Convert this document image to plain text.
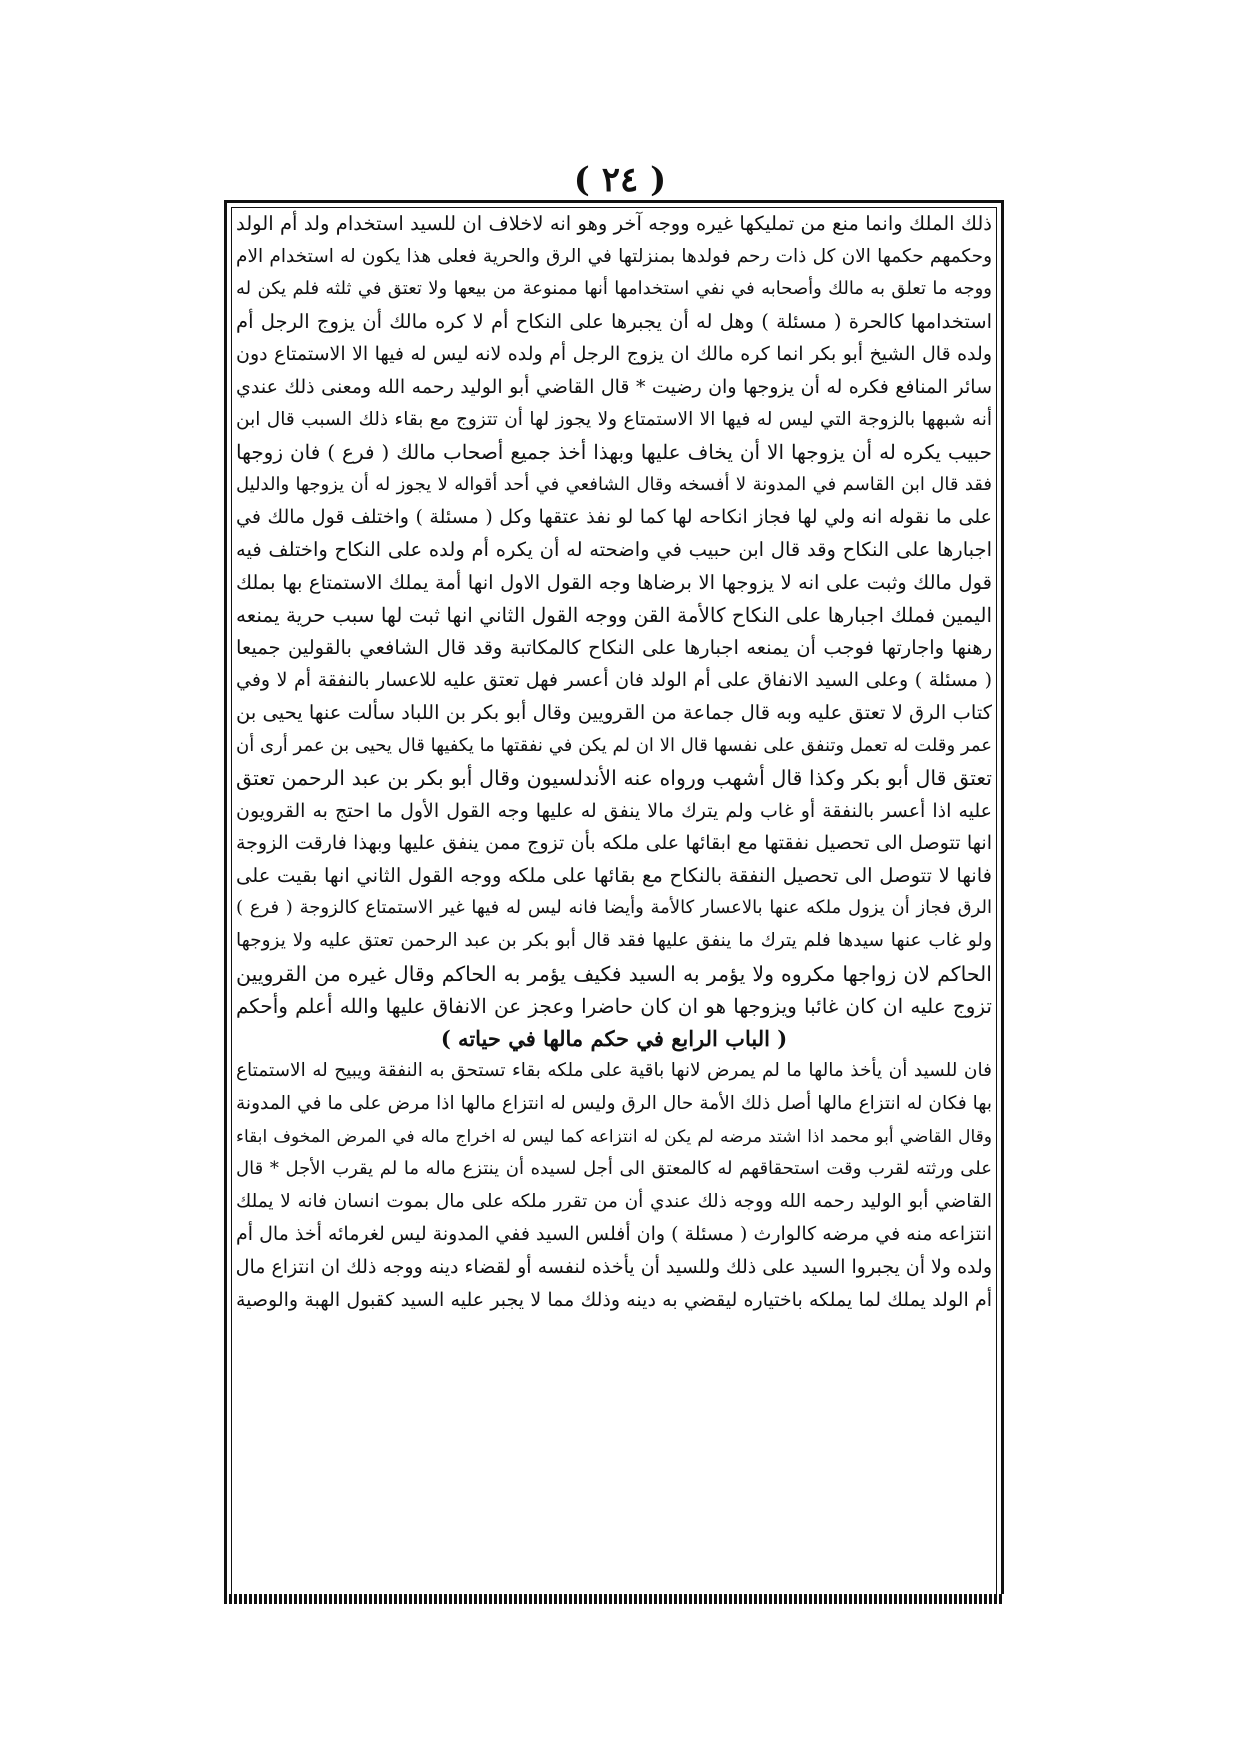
( ٢٤ )
ذلك الملك وانما منع من تمليكها غيره ووجه آخر وهو انه لاخلاف ان للسيد استخدام ولد أم الولد
وحكمهم حكمها الان كل ذات رحم فولدها بمنزلتها في الرق والحرية فعلى هذا يكون له استخدام الام
ووجه ما تعلق به مالك وأصحابه في نفي استخدامها أنها ممنوعة من بيعها ولا تعتق في ثلثه فلم يكن له
استخدامها كالحرة ( مسئلة ) وهل له أن يجبرها على النكاح أم لا كره مالك أن يزوج الرجل أم
ولده قال الشيخ أبو بكر انما كره مالك ان يزوج الرجل أم ولده لانه ليس له فيها الا الاستمتاع دون
سائر المنافع فكره له أن يزوجها وان رضيت * قال القاضي أبو الوليد رحمه الله ومعنى ذلك عندي
أنه شبهها بالزوجة التي ليس له فيها الا الاستمتاع ولا يجوز لها أن تتزوج مع بقاء ذلك السبب قال ابن
حبيب يكره له أن يزوجها الا أن يخاف عليها وبهذا أخذ جميع أصحاب مالك ( فرع ) فان زوجها
فقد قال ابن القاسم في المدونة لا أفسخه وقال الشافعي في أحد أقواله لا يجوز له أن يزوجها والدليل
على ما نقوله انه ولي لها فجاز انكاحه لها كما لو نفذ عتقها وكل ( مسئلة ) واختلف قول مالك في
اجبارها على النكاح وقد قال ابن حبيب في واضحته له أن يكره أم ولده على النكاح واختلف فيه
قول مالك وثبت على انه لا يزوجها الا برضاها وجه القول الاول انها أمة يملك الاستمتاع بها بملك
اليمين فملك اجبارها على النكاح كالأمة القن ووجه القول الثاني انها ثبت لها سبب حرية يمنعه
رهنها واجارتها فوجب أن يمنعه اجبارها على النكاح كالمكاتبة وقد قال الشافعي بالقولين جميعا
( مسئلة ) وعلى السيد الانفاق على أم الولد فان أعسر فهل تعتق عليه للاعسار بالنفقة أم لا وفي
كتاب الرق لا تعتق عليه وبه قال جماعة من القرويين وقال أبو بكر بن اللباد سألت عنها يحيى بن
عمر وقلت له تعمل وتنفق على نفسها قال الا ان لم يكن في نفقتها ما يكفيها قال يحيى بن عمر أرى أن
تعتق قال أبو بكر وكذا قال أشهب ورواه عنه الأندلسيون وقال أبو بكر بن عبد الرحمن تعتق
عليه اذا أعسر بالنفقة أو غاب ولم يترك مالا ينفق له عليها وجه القول الأول ما احتج به القرويون
انها تتوصل الى تحصيل نفقتها مع ابقائها على ملكه بأن تزوج ممن ينفق عليها وبهذا فارقت الزوجة
فانها لا تتوصل الى تحصيل النفقة بالنكاح مع بقائها على ملكه ووجه القول الثاني انها بقيت على
الرق فجاز أن يزول ملكه عنها بالاعسار كالأمة وأيضا فانه ليس له فيها غير الاستمتاع كالزوجة ( فرع )
ولو غاب عنها سيدها فلم يترك ما ينفق عليها فقد قال أبو بكر بن عبد الرحمن تعتق عليه ولا يزوجها
الحاكم لان زواجها مكروه ولا يؤمر به السيد فكيف يؤمر به الحاكم وقال غيره من القرويين
تزوج عليه ان كان غائبا ويزوجها هو ان كان حاضرا وعجز عن الانفاق عليها والله أعلم وأحكم
( الباب الرابع في حكم مالها في حياته )
فان للسيد أن يأخذ مالها ما لم يمرض لانها باقية على ملكه بقاء تستحق به النفقة ويبيح له الاستمتاع
بها فكان له انتزاع مالها أصل ذلك الأمة حال الرق وليس له انتزاع مالها اذا مرض على ما في المدونة
وقال القاضي أبو محمد اذا اشتد مرضه لم يكن له انتزاعه كما ليس له اخراج ماله في المرض المخوف ابقاء
على ورثته لقرب وقت استحقاقهم له كالمعتق الى أجل لسيده أن ينتزع ماله ما لم يقرب الأجل * قال
القاضي أبو الوليد رحمه الله ووجه ذلك عندي أن من تقرر ملكه على مال بموت انسان فانه لا يملك
انتزاعه منه في مرضه كالوارث ( مسئلة ) وان أفلس السيد ففي المدونة ليس لغرمائه أخذ مال أم
ولده ولا أن يجبروا السيد على ذلك وللسيد أن يأخذه لنفسه أو لقضاء دينه ووجه ذلك ان انتزاع مال
أم الولد يملك لما يملكه باختياره ليقضي به دينه وذلك مما لا يجبر عليه السيد كقبول الهبة والوصية
